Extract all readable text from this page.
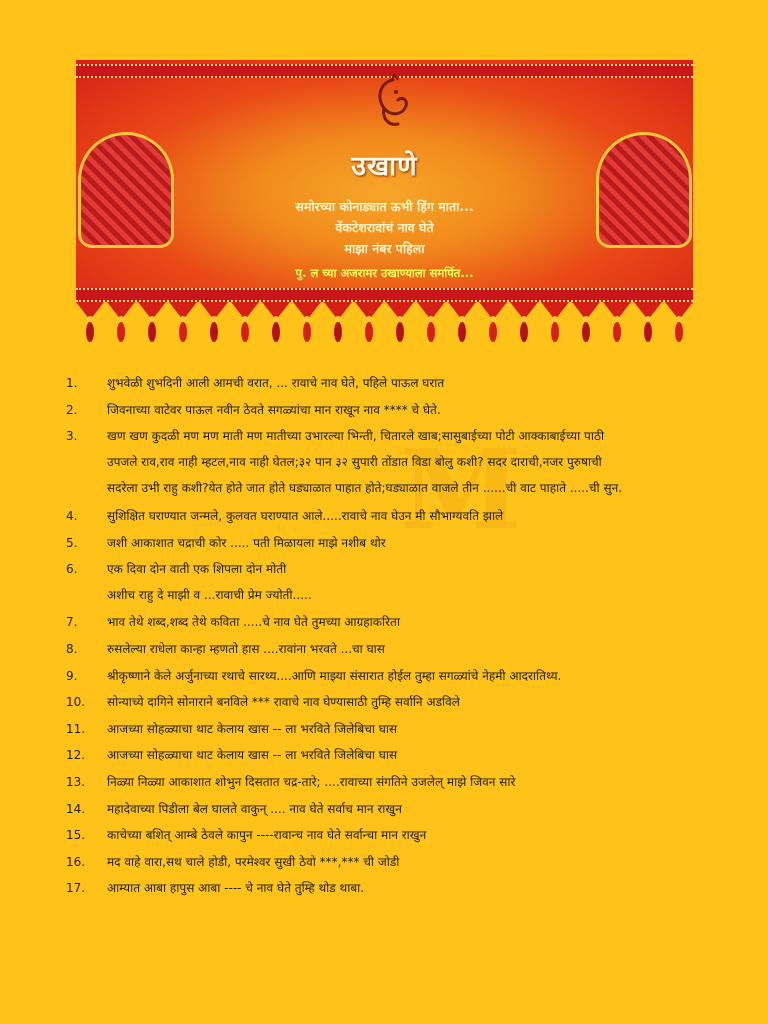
M
उखाणे
समोरच्या कोनाड्यात ऊभी हिंग माता...
वेंकटेशरावांचं नाव घेते
माझा नंबर पहिला
पु. ल च्या अजरामर उखाण्याला समर्पित...
1.	शुभवेळी शुभदिनी आली आमची वरात, ... रावाचे नाव घेते, पहिले पाऊल घरात
2.	जिवनाच्या वाटेवर पाऊल नवीन ठेवते सगळ्यांचा मान राखून नाव **** चे घेते.
3.	खण खण कुदळी मण मण माती मण मातीच्या उभारल्या भिन्ती, चितारले खाब;सासुबाईच्या पोटी आक्काबाईच्या पाठी
उपजले राव,राव नाही म्हटल,नाव नाही घेतल;३२ पान ३२ सुपारी तोंडात विडा बोलु कशी? सदर दाराची,नजर पुरुषाची
सदरेला उभी राहु कशी?येत होते जात होते घड्याळात पाहात होते;घड्याळात वाजले तीन ......ची वाट पाहाते .....ची सुन.
4.	सुशिक्षित घराण्यात जन्मले, कुलवत घराण्यात आले.....रावाचे नाव घेउन मी सौभाग्यवति झाले
5.	जशी आकाशात चद्राची कोर ..... पती मिळायला माझे नशीब थोर
6.	एक दिवा दोन वाती एक शिपला दोन मोती
अशीच राहु दे माझी व ...रावाची प्रेम ज्योती.....
7.	भाव तेथे शब्द,शब्द तेथे कविता .....चे नाव घेते तुमच्या आग्रहाकरिता
8.	रुसलेल्या राधेला कान्हा म्हणतो हास ....रावांना भरवते ...चा घास
9.	श्रीकृष्णाने केले अर्जुनाच्या रथाचे सारथ्य....आणि माझ्या संसारात होईल तुम्हा सगळ्यांचे नेहमी आदरातिथ्य.
10.	सोन्याच्ये दागिने सोनाराने बनविले *** रावाचे नाव घेण्यासाठी तुम्हि सर्वानि अडविले
11.	आजच्या सोहळ्याचा थाट केलाय खास -- ला भरविते जिलेबिचा घास
12.	आजच्या सोहळ्याचा थाट केलाय खास -- ला भरविते जिलेबिचा घास
13.	निळ्या निळ्या आकाशात शोभुन दिसतात चद्र-तारे; ....रावाच्या संगतिने उजलेल् माझे जिवन सारे
14.	महादेवाच्या पिडीला बेल घालते वाकुन् .... नाव घेते सर्वाच मान राखुन
15.	काचेच्या बशित् आम्बे ठेवले कापुन ----रावान्च नाव घेते सर्वान्चा मान राखुन
16.	मद वाहे वारा,सथ चाले होडी, परमेश्वर सुखी ठेवो ***,*** ची जोडी
17.	आम्यात आबा हापुस आबा ---- चे नाव घेते तुम्हि थोड थाबा.
